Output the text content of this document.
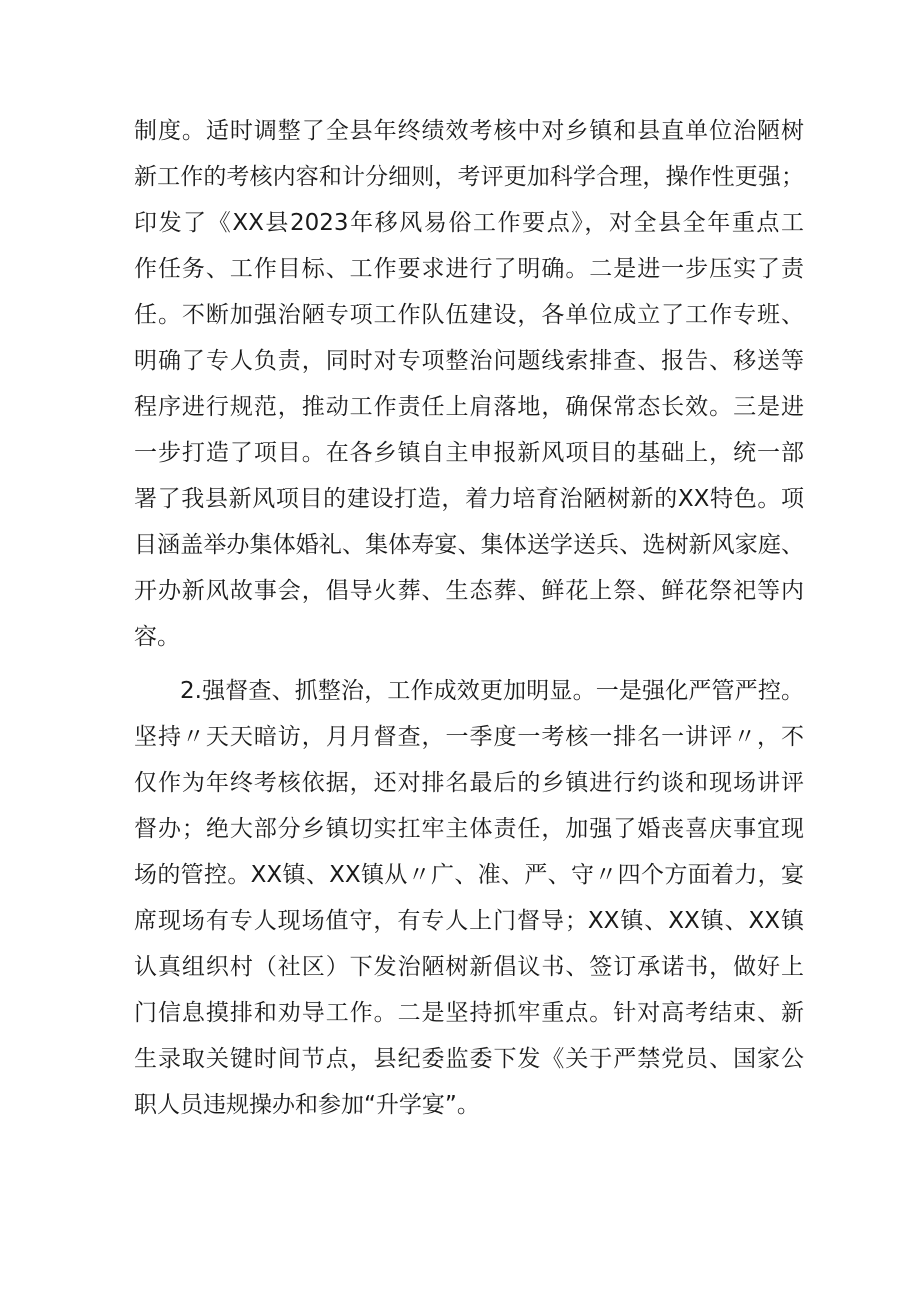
制度。适时调整了全县年终绩效考核中对乡镇和县直单位治陋树
新工作的考核内容和计分细则，考评更加科学合理，操作性更强；
印发了《XX县2023年移风易俗工作要点》，对全县全年重点工
作任务、工作目标、工作要求进行了明确。二是进一步压实了责
任。不断加强治陋专项工作队伍建设，各单位成立了工作专班、
明确了专人负责，同时对专项整治问题线索排查、报告、移送等
程序进行规范，推动工作责任上肩落地，确保常态长效。三是进
一步打造了项目。在各乡镇自主申报新风项目的基础上，统一部
署了我县新风项目的建设打造，着力培育治陋树新的XX特色。项
目涵盖举办集体婚礼、集体寿宴、集体送学送兵、选树新风家庭、
开办新风故事会，倡导火葬、生态葬、鲜花上祭、鲜花祭祀等内
容。
2.强督查、抓整治，工作成效更加明显。一是强化严管严控。
坚持〃天天暗访，月月督查，一季度一考核一排名一讲评〃，不
仅作为年终考核依据，还对排名最后的乡镇进行约谈和现场讲评
督办；绝大部分乡镇切实扛牢主体责任，加强了婚丧喜庆事宜现
场的管控。XX镇、XX镇从〃广、准、严、守〃四个方面着力，宴
席现场有专人现场值守，有专人上门督导；XX镇、XX镇、XX镇
认真组织村（社区）下发治陋树新倡议书、签订承诺书，做好上
门信息摸排和劝导工作。二是坚持抓牢重点。针对高考结束、新
生录取关键时间节点，县纪委监委下发《关于严禁党员、国家公
职人员违规操办和参加“升学宴”。
